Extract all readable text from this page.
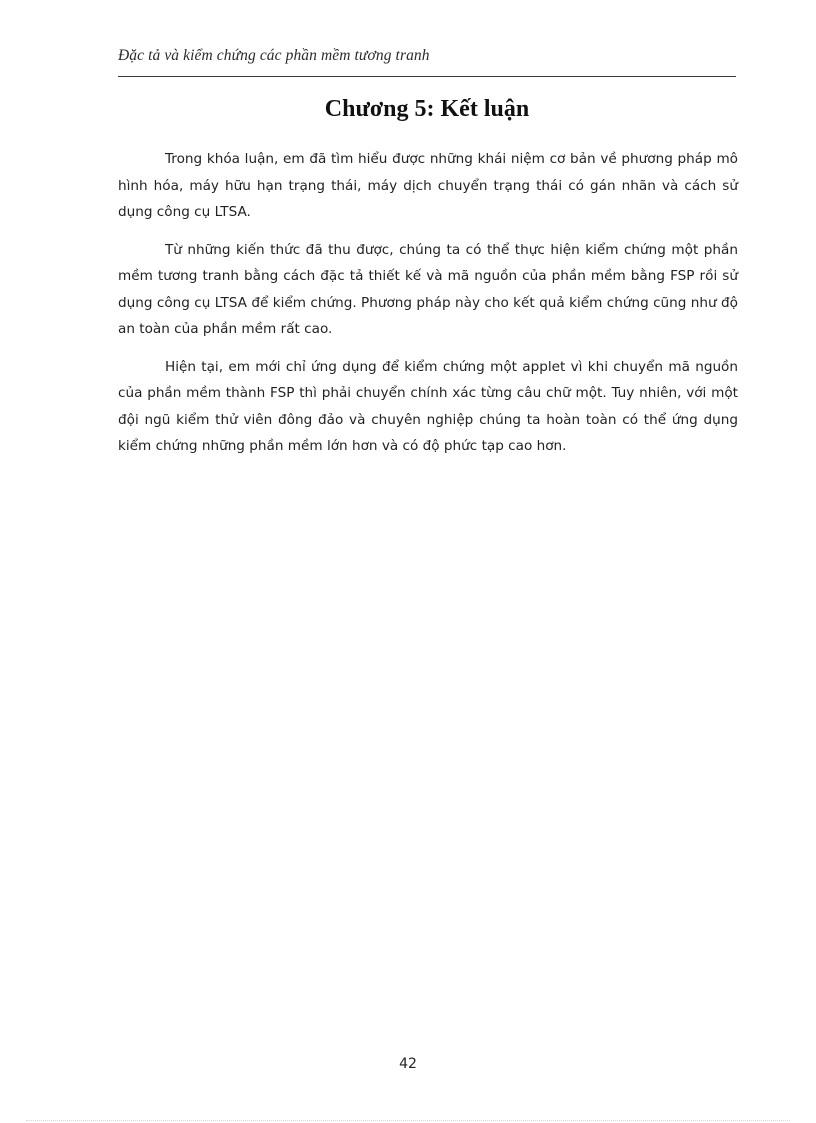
Đặc tả và kiểm chứng các phần mềm tương tranh
Chương 5: Kết luận

Trong khóa luận, em đã tìm hiểu được những khái niệm cơ bản về phương pháp mô hình hóa, máy hữu hạn trạng thái, máy dịch chuyển trạng thái có gán nhãn và cách sử dụng công cụ LTSA.

Từ những kiến thức đã thu được, chúng ta có thể thực hiện kiểm chứng một phần mềm tương tranh bằng cách đặc tả thiết kế và mã nguồn của phần mềm bằng FSP rồi sử dụng công cụ LTSA để kiểm chứng. Phương pháp này cho kết quả kiểm chứng cũng như độ an toàn của phần mềm rất cao.

Hiện tại, em mới chỉ ứng dụng để kiểm chứng một applet vì khi chuyển mã nguồn của phần mềm thành FSP thì phải chuyển chính xác từng câu chữ một. Tuy nhiên, với một đội ngũ kiểm thử viên đông đảo và chuyên nghiệp chúng ta hoàn toàn có thể ứng dụng kiểm chứng những phần mềm lớn hơn và có độ phức tạp cao hơn.

42
